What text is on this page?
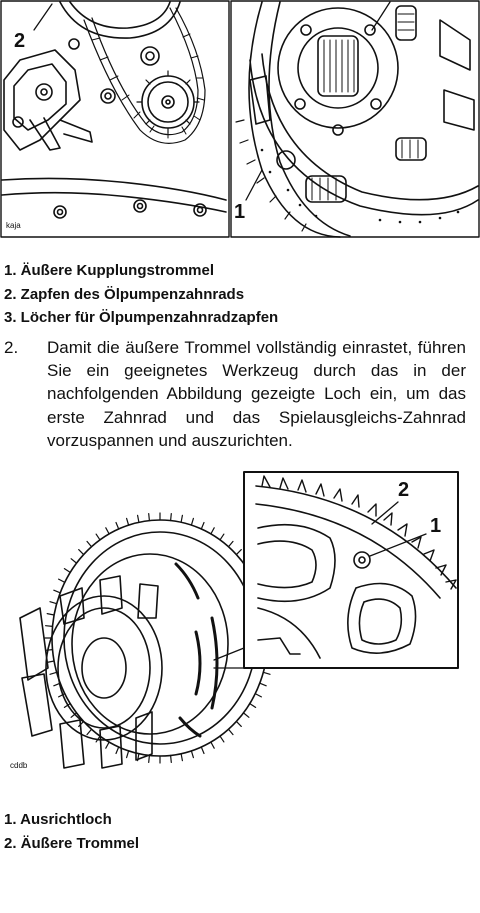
2
1
kaja
1. Äußere Kupplungstrommel
2. Zapfen des Ölpumpenzahnrads
3. Löcher für Ölpumpenzahnradzapfen
2. Damit die äußere Trommel vollständig einrastet, führen Sie ein geeignetes Werkzeug durch das in der nachfolgenden Abbildung gezeigte Loch ein, um das erste Zahnrad und das Spielausgleichs-Zahnrad vorzuspannen und auszurichten.
2
1
cddb
1. Ausrichtloch
2. Äußere Trommel
